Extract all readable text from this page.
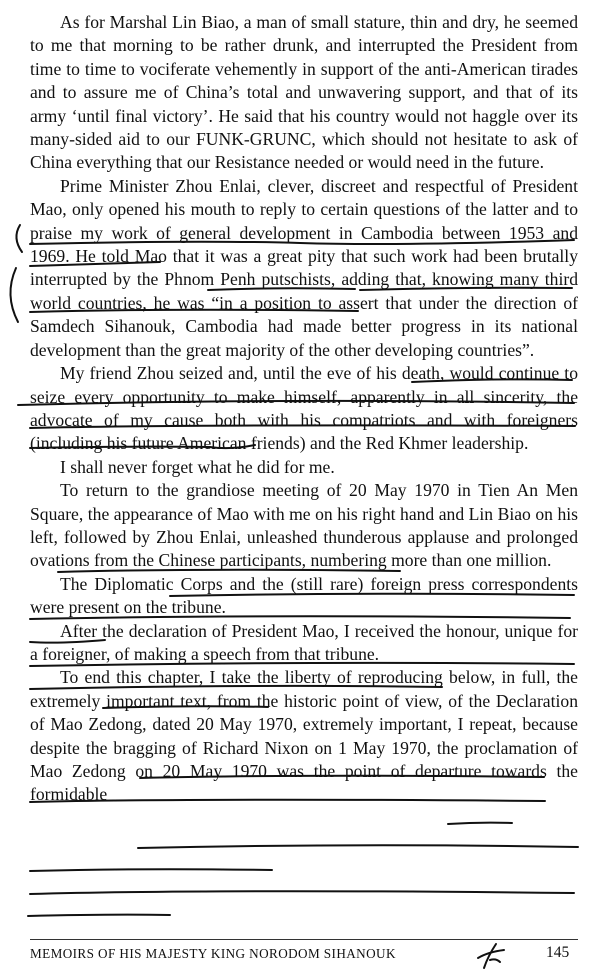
As for Marshal Lin Biao, a man of small stature, thin and dry, he seemed to me that morning to be rather drunk, and interrupted the President from time to time to vociferate vehemently in support of the anti-American tirades and to assure me of China’s total and unwavering support, and that of its army ‘until final victory’. He said that his country would not haggle over its many-sided aid to our FUNK-GRUNC, which should not hesitate to ask of China everything that our Resistance needed or would need in the future.

Prime Minister Zhou Enlai, clever, discreet and respectful of President Mao, only opened his mouth to reply to certain questions of the latter and to praise my work of general development in Cambodia between 1953 and 1969. He told Mao that it was a great pity that such work had been brutally interrupted by the Phnom Penh putschists, adding that, knowing many third world countries, he was “in a position to assert that under the direction of Samdech Sihanouk, Cambodia had made better progress in its national development than the great majority of the other developing countries”.

My friend Zhou seized and, until the eve of his death, would continue to seize every opportunity to make himself, apparently in all sincerity, the advocate of my cause both with his compatriots and with foreigners (including his future American friends) and the Red Khmer leadership.

I shall never forget what he did for me.

To return to the grandiose meeting of 20 May 1970 in Tien An Men Square, the appearance of Mao with me on his right hand and Lin Biao on his left, followed by Zhou Enlai, unleashed thunderous applause and prolonged ovations from the Chinese participants, numbering more than one million.

The Diplomatic Corps and the (still rare) foreign press correspondents were present on the tribune.

After the declaration of President Mao, I received the honour, unique for a foreigner, of making a speech from that tribune.

To end this chapter, I take the liberty of reproducing below, in full, the extremely important text, from the historic point of view, of the Declaration of Mao Zedong, dated 20 May 1970, extremely important, I repeat, because despite the bragging of Richard Nixon on 1 May 1970, the proclamation of Mao Zedong on 20 May 1970 was the point of departure towards the formidable

MEMOIRS OF HIS MAJESTY KING NORODOM SIHANOUK	145
